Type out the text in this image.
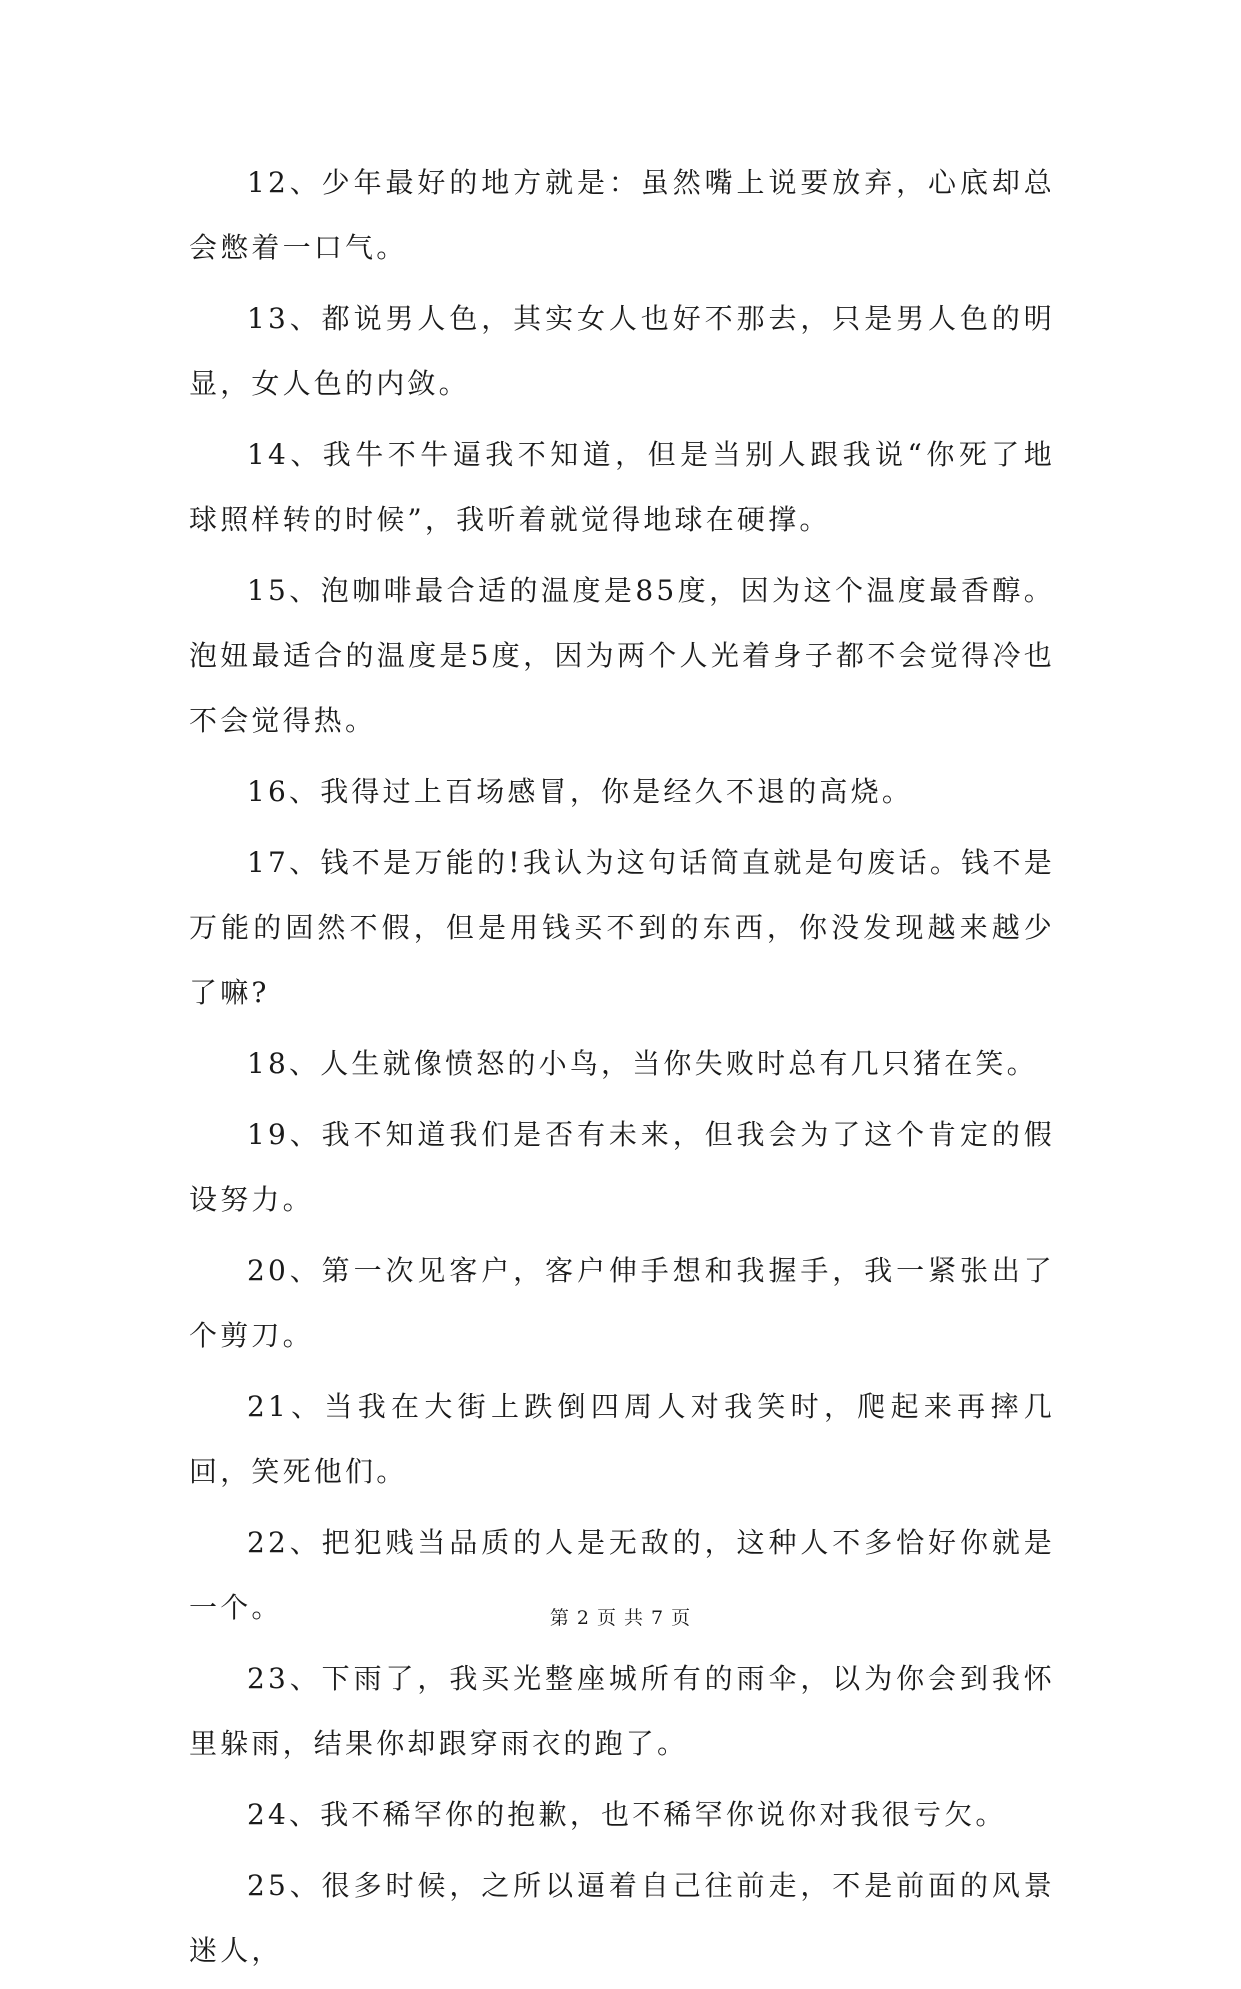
12、少年最好的地方就是：虽然嘴上说要放弃，心底却总会憋着一口气。

13、都说男人色，其实女人也好不那去，只是男人色的明显，女人色的内敛。

14、我牛不牛逼我不知道，但是当别人跟我说“你死了地球照样转的时候”，我听着就觉得地球在硬撑。

15、泡咖啡最合适的温度是85度，因为这个温度最香醇。泡妞最适合的温度是5度，因为两个人光着身子都不会觉得冷也不会觉得热。

16、我得过上百场感冒，你是经久不退的高烧。

17、钱不是万能的!我认为这句话简直就是句废话。钱不是万能的固然不假，但是用钱买不到的东西，你没发现越来越少了嘛?

18、人生就像愤怒的小鸟，当你失败时总有几只猪在笑。

19、我不知道我们是否有未来，但我会为了这个肯定的假设努力。

20、第一次见客户，客户伸手想和我握手，我一紧张出了个剪刀。

21、当我在大街上跌倒四周人对我笑时，爬起来再摔几回，笑死他们。

22、把犯贱当品质的人是无敌的，这种人不多恰好你就是一个。

23、下雨了，我买光整座城所有的雨伞，以为你会到我怀里躲雨，结果你却跟穿雨衣的跑了。

24、我不稀罕你的抱歉，也不稀罕你说你对我很亏欠。

25、很多时候，之所以逼着自己往前走，不是前面的风景迷人，

第 2 页 共 7 页
